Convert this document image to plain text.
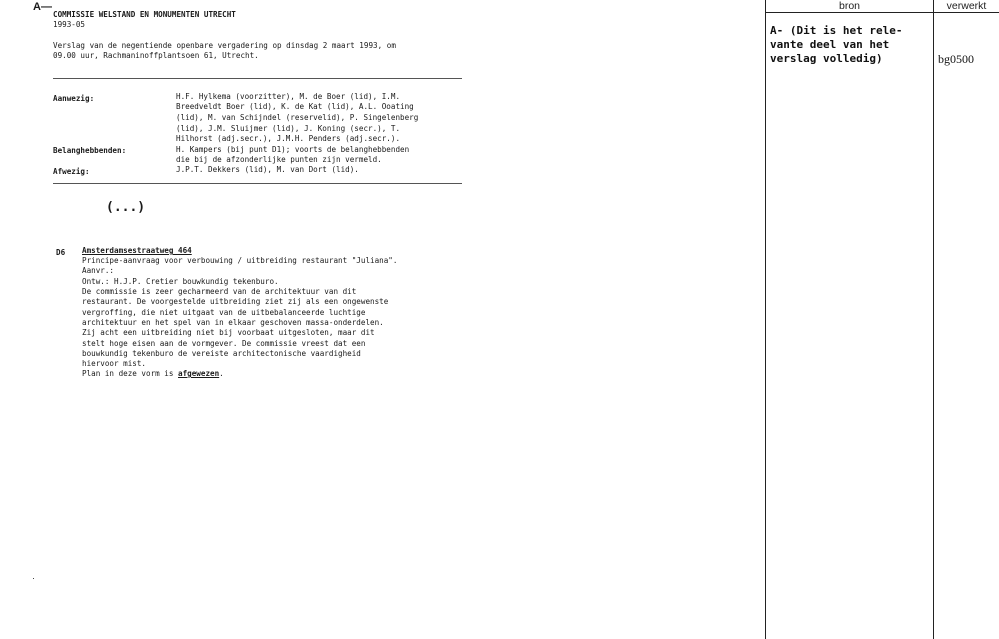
A—
COMMISSIE WELSTAND EN MONUMENTEN UTRECHT
1993-05
Verslag van de negentiende openbare vergadering op dinsdag 2 maart 1993, om
09.00 uur, Rachmaninoffplantsoen 61, Utrecht.
Aanwezig:	H.F. Hylkema (voorzitter), M. de Boer (lid), I.M.
Breedveldt Boer (lid), K. de Kat (lid), A.L. Ooating
(lid), M. van Schijndel (reservelid), P. Singelenberg
(lid), J.M. Sluijmer (lid), J. Koning (secr.), T.
Hilhorst (adj.secr.), J.M.H. Penders (adj.secr.).
Belanghebbenden:	H. Kampers (bij punt D1); voorts de belanghebbenden
die bij de afzonderlijke punten zijn vermeld.
Afwezig:	J.P.T. Dekkers (lid), M. van Dort (lid).
(...)
D6 Amsterdamsestraatweg 464
Principe-aanvraag voor verbouwing / uitbreiding restaurant "Juliana".
Aanvr.:
Ontw.: H.J.P. Cretier bouwkundig tekenburo.
De commissie is zeer gecharmeerd van de architektuur van dit
restaurant. De voorgestelde uitbreiding ziet zij als een ongewenste
vergroffing, die niet uitgaat van de uitbebalanceerde luchtige
architektuur en het spel van in elkaar geschoven massa-onderdelen.
Zij acht een uitbreiding niet bij voorbaat uitgesloten, maar dit
stelt hoge eisen aan de vormgever. De commissie vreest dat een
bouwkundig tekenburo de vereiste architectonische vaardigheid
hiervoor mist.
Plan in deze vorm is afgewezen.
bron	verwerkt
A- (Dit is het rele-
vante deel van het
verslag volledig)	bg0500
